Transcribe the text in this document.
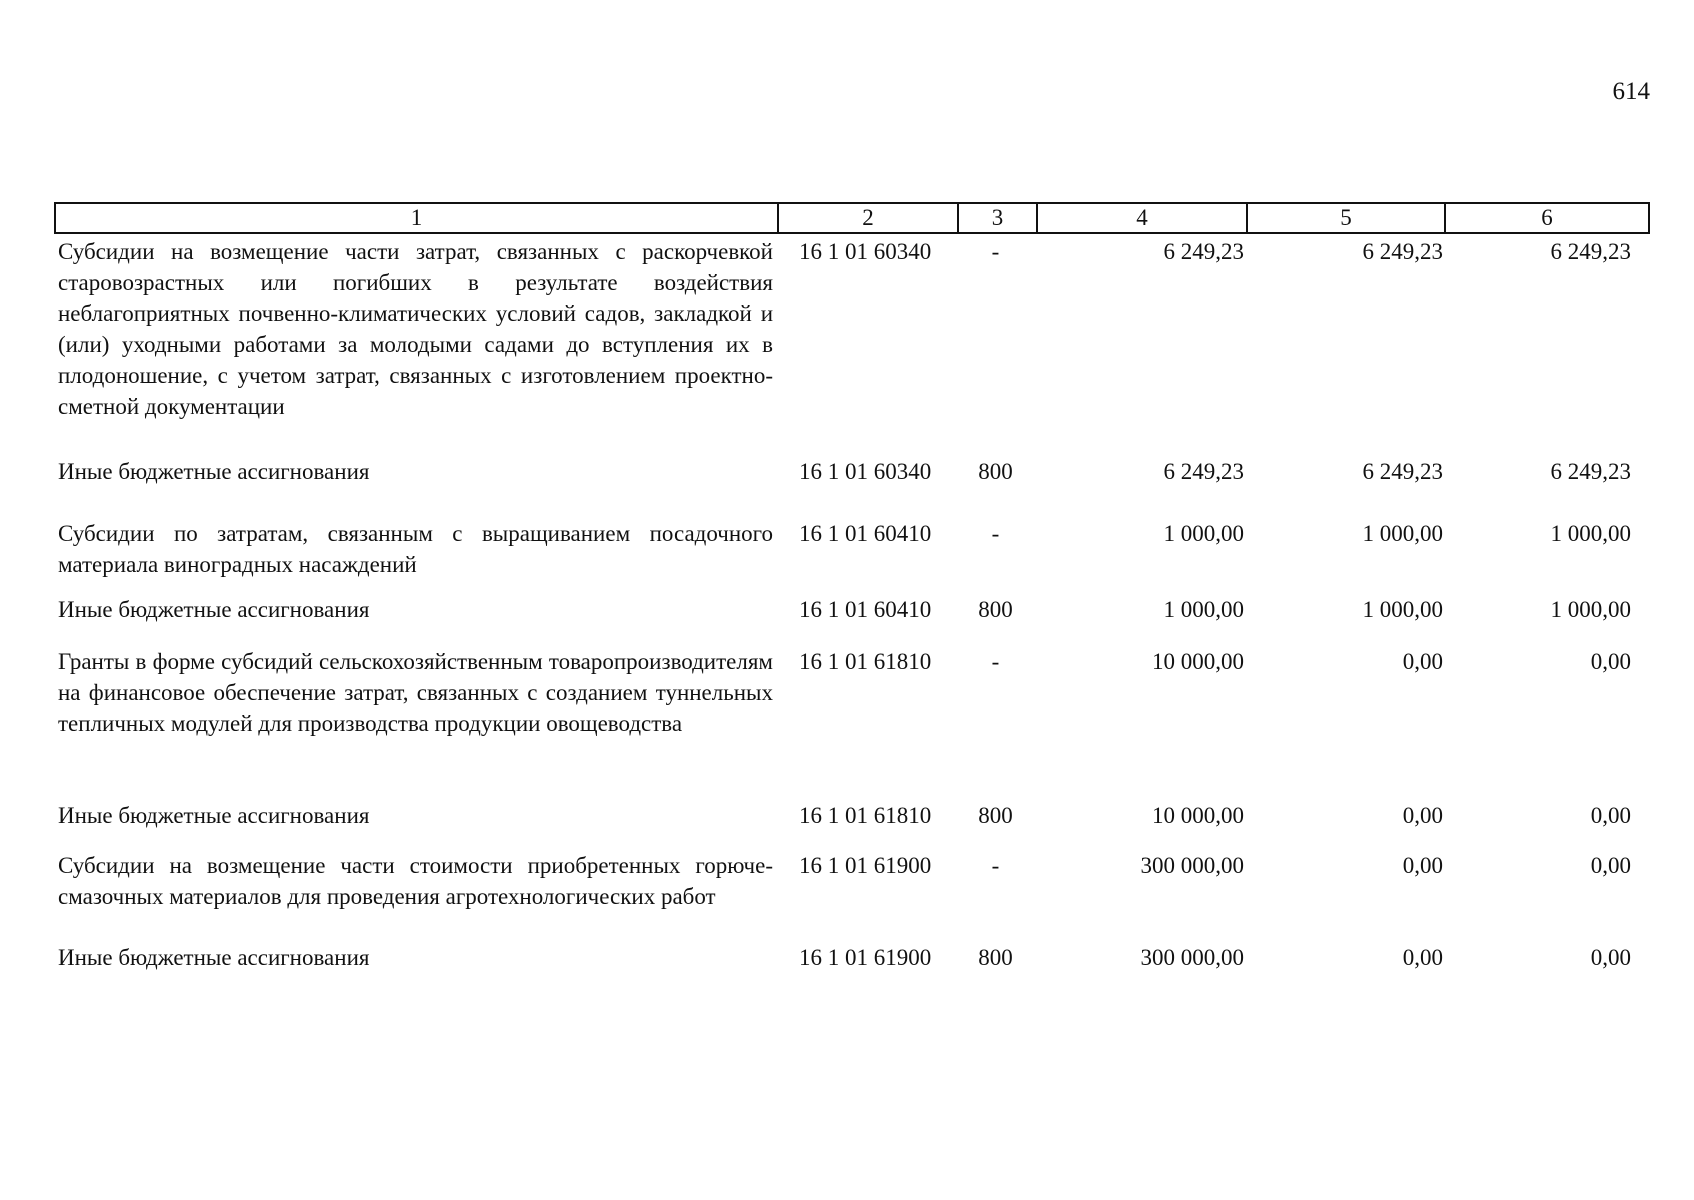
614
1	2	3	4	5	6
Субсидии на возмещение части затрат, связанных с раскорчевкой старовозрастных или погибших в результате воздействия неблагоприятных почвенно-климатических условий садов, закладкой и (или) уходными работами за молодыми садами до вступления их в плодоношение, с учетом затрат, связанных с изготовлением проектно-сметной документации	16 1 01 60340	-	6 249,23	6 249,23	6 249,23
Иные бюджетные ассигнования	16 1 01 60340	800	6 249,23	6 249,23	6 249,23
Субсидии по затратам, связанным с выращиванием посадочного материала виноградных насаждений	16 1 01 60410	-	1 000,00	1 000,00	1 000,00
Иные бюджетные ассигнования	16 1 01 60410	800	1 000,00	1 000,00	1 000,00
Гранты в форме субсидий сельскохозяйственным товаропроизводителям на финансовое обеспечение затрат, связанных с созданием туннельных тепличных модулей для производства продукции овощеводства	16 1 01 61810	-	10 000,00	0,00	0,00
Иные бюджетные ассигнования	16 1 01 61810	800	10 000,00	0,00	0,00
Субсидии на возмещение части стоимости приобретенных горюче-смазочных материалов для проведения агротехнологических работ	16 1 01 61900	-	300 000,00	0,00	0,00
Иные бюджетные ассигнования	16 1 01 61900	800	300 000,00	0,00	0,00
